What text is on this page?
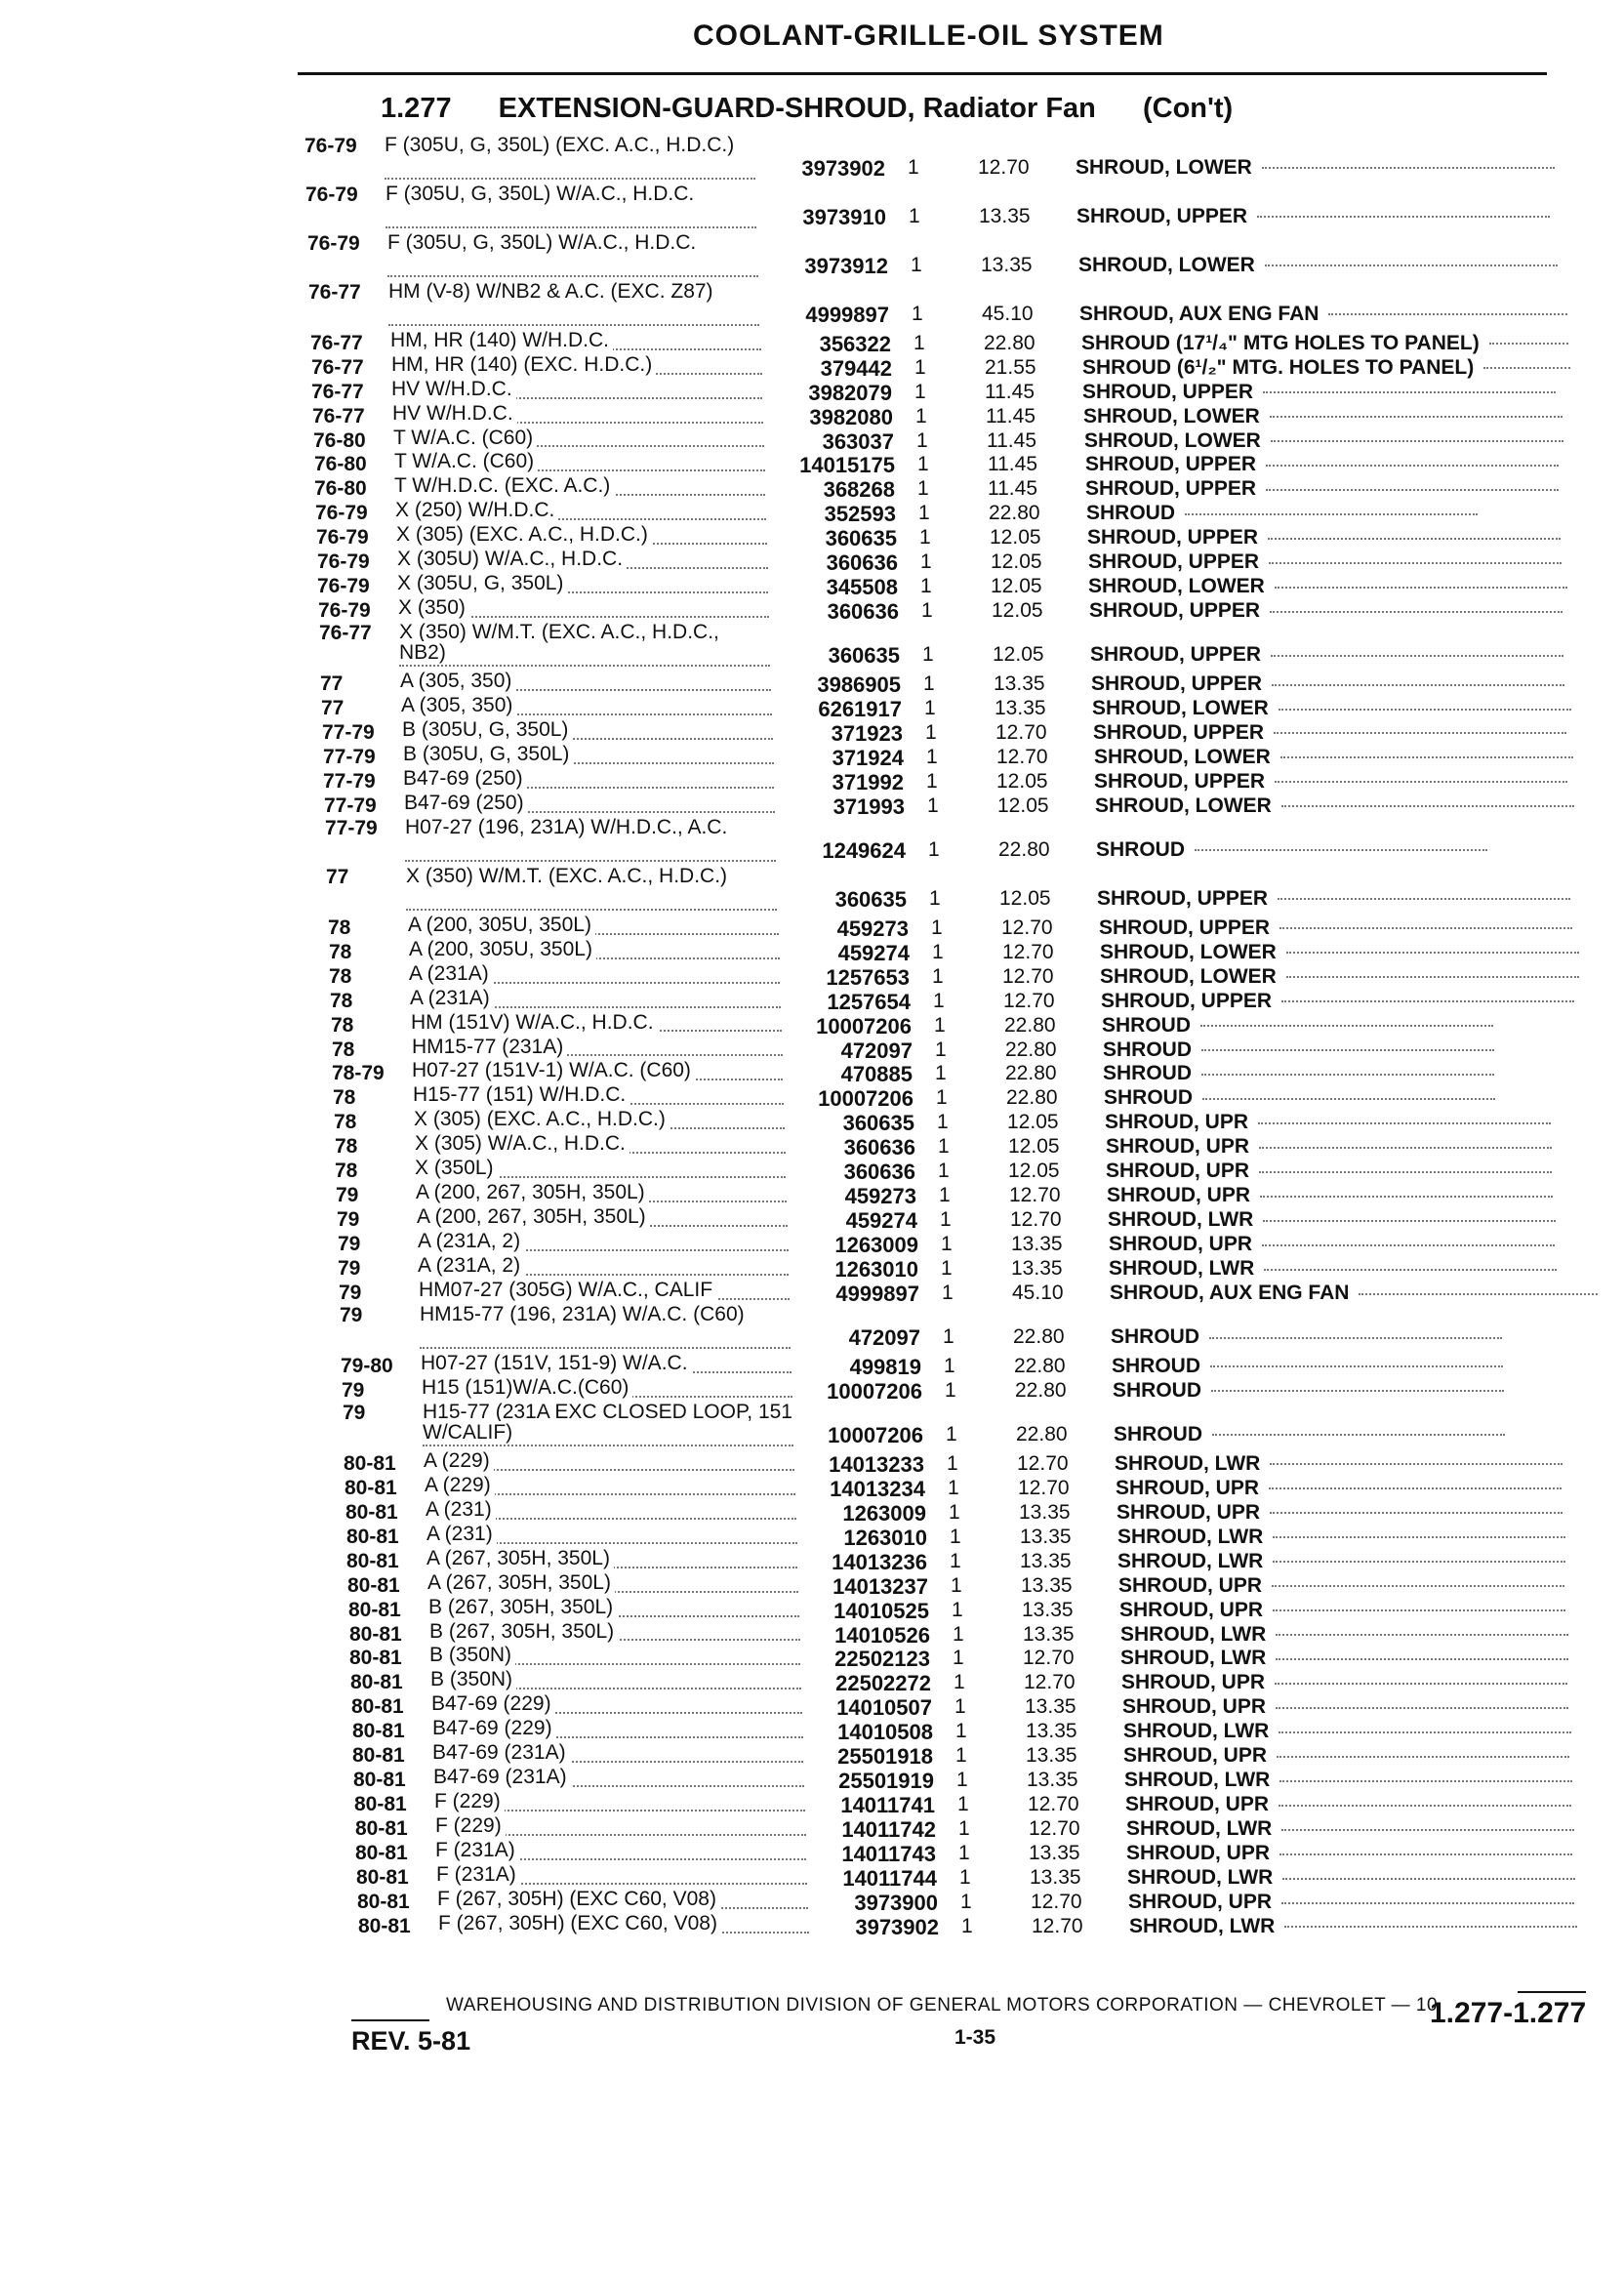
COOLANT-GRILLE-OIL SYSTEM
1.277 EXTENSION-GUARD-SHROUD, Radiator Fan (Con't)
76-79 F (305U, G, 350L) (EXC. A.C., H.D.C.)
3973902 1	12.70 SHROUD, LOWER
76-79 F (305U, G, 350L) W/A.C., H.D.C.
3973910 1	13.35 SHROUD, UPPER
76-79 F (305U, G, 350L) W/A.C., H.D.C.
3973912 1	13.35 SHROUD, LOWER
76-77 HM (V-8) W/NB2 & A.C. (EXC. Z87)
4999897 1	45.10 SHROUD, AUX ENG FAN
76-77 HM, HR (140) W/H.D.C.	356322 1	22.80 SHROUD (17¹/₄" MTG HOLES TO PANEL)
76-77 HM, HR (140) (EXC. H.D.C.)	379442 1	21.55 SHROUD (6¹/₂" MTG. HOLES TO PANEL)
76-77 HV W/H.D.C.	3982079 1	11.45 SHROUD, UPPER
76-77 HV W/H.D.C.	3982080 1	11.45 SHROUD, LOWER
76-80 T W/A.C. (C60)	363037 1	11.45 SHROUD, LOWER
76-80 T W/A.C. (C60)	14015175 1	11.45 SHROUD, UPPER
76-80 T W/H.D.C. (EXC. A.C.)	368268 1	11.45 SHROUD, UPPER
76-79 X (250) W/H.D.C.	352593 1	22.80 SHROUD
76-79 X (305) (EXC. A.C., H.D.C.)	360635 1	12.05 SHROUD, UPPER
76-79 X (305U) W/A.C., H.D.C.	360636 1	12.05 SHROUD, UPPER
76-79 X (305U, G, 350L)	345508 1	12.05 SHROUD, LOWER
76-79 X (350)	360636 1	12.05 SHROUD, UPPER
76-77 X (350) W/M.T. (EXC. A.C., H.D.C., NB2)	360635 1	12.05 SHROUD, UPPER
77	A (305, 350)	3986905 1	13.35 SHROUD, UPPER
77	A (305, 350)	6261917 1	13.35 SHROUD, LOWER
77-79 B (305U, G, 350L)	371923 1	12.70 SHROUD, UPPER
77-79 B (305U, G, 350L)	371924 1	12.70 SHROUD, LOWER
77-79 B47-69 (250)	371992 1	12.05 SHROUD, UPPER
77-79 B47-69 (250)	371993 1	12.05 SHROUD, LOWER
77-79 H07-27 (196, 231A) W/H.D.C., A.C.
1249624 1	22.80 SHROUD
77	X (350) W/M.T. (EXC. A.C., H.D.C.)
360635 1	12.05 SHROUD, UPPER
78	A (200, 305U, 350L)	459273 1	12.70 SHROUD, UPPER
78	A (200, 305U, 350L)	459274 1	12.70 SHROUD, LOWER
78	A (231A)	1257653 1	12.70 SHROUD, LOWER
78	A (231A)	1257654 1	12.70 SHROUD, UPPER
78	HM (151V) W/A.C., H.D.C.	10007206 1	22.80 SHROUD
78	HM15-77 (231A)	472097 1	22.80 SHROUD
78-79 H07-27 (151V-1) W/A.C. (C60)	470885 1	22.80 SHROUD
78	H15-77 (151) W/H.D.C.	10007206 1	22.80 SHROUD
78	X (305) (EXC. A.C., H.D.C.)	360635 1	12.05 SHROUD, UPR
78	X (305) W/A.C., H.D.C.	360636 1	12.05 SHROUD, UPR
78	X (350L)	360636 1	12.05 SHROUD, UPR
79	A (200, 267, 305H, 350L)	459273 1	12.70 SHROUD, UPR
79	A (200, 267, 305H, 350L)	459274 1	12.70 SHROUD, LWR
79	A (231A, 2)	1263009 1	13.35 SHROUD, UPR
79	A (231A, 2)	1263010 1	13.35 SHROUD, LWR
79	HM07-27 (305G) W/A.C., CALIF	4999897 1	45.10 SHROUD, AUX ENG FAN
79	HM15-77 (196, 231A) W/A.C. (C60)
472097 1	22.80 SHROUD
79-80 H07-27 (151V, 151-9) W/A.C.	499819 1	22.80 SHROUD
79	H15 (151)W/A.C.(C60)	10007206 1	22.80 SHROUD
79	H15-77 (231A EXC CLOSED LOOP, 151 W/CALIF)	10007206 1	22.80 SHROUD
80-81 A (229)	14013233 1	12.70 SHROUD, LWR
80-81 A (229)	14013234 1	12.70 SHROUD, UPR
80-81 A (231)	1263009 1	13.35 SHROUD, UPR
80-81 A (231)	1263010 1	13.35 SHROUD, LWR
80-81 A (267, 305H, 350L)	14013236 1	13.35 SHROUD, LWR
80-81 A (267, 305H, 350L)	14013237 1	13.35 SHROUD, UPR
80-81 B (267, 305H, 350L)	14010525 1	13.35 SHROUD, UPR
80-81 B (267, 305H, 350L)	14010526 1	13.35 SHROUD, LWR
80-81 B (350N)	22502123 1	12.70 SHROUD, LWR
80-81 B (350N)	22502272 1	12.70 SHROUD, UPR
80-81 B47-69 (229)	14010507 1	13.35 SHROUD, UPR
80-81 B47-69 (229)	14010508 1	13.35 SHROUD, LWR
80-81 B47-69 (231A)	25501918 1	13.35 SHROUD, UPR
80-81 B47-69 (231A)	25501919 1	13.35 SHROUD, LWR
80-81 F (229)	14011741 1	12.70 SHROUD, UPR
80-81 F (229)	14011742 1	12.70 SHROUD, LWR
80-81 F (231A)	14011743 1	13.35 SHROUD, UPR
80-81 F (231A)	14011744 1	13.35 SHROUD, LWR
80-81 F (267, 305H) (EXC C60, V08)	3973900 1	12.70 SHROUD, UPR
80-81 F (267, 305H) (EXC C60, V08)	3973902 1	12.70 SHROUD, LWR
WAREHOUSING AND DISTRIBUTION DIVISION OF GENERAL MOTORS CORPORATION — CHEVROLET — 10
1.277-1.277
REV. 5-81	1-35
